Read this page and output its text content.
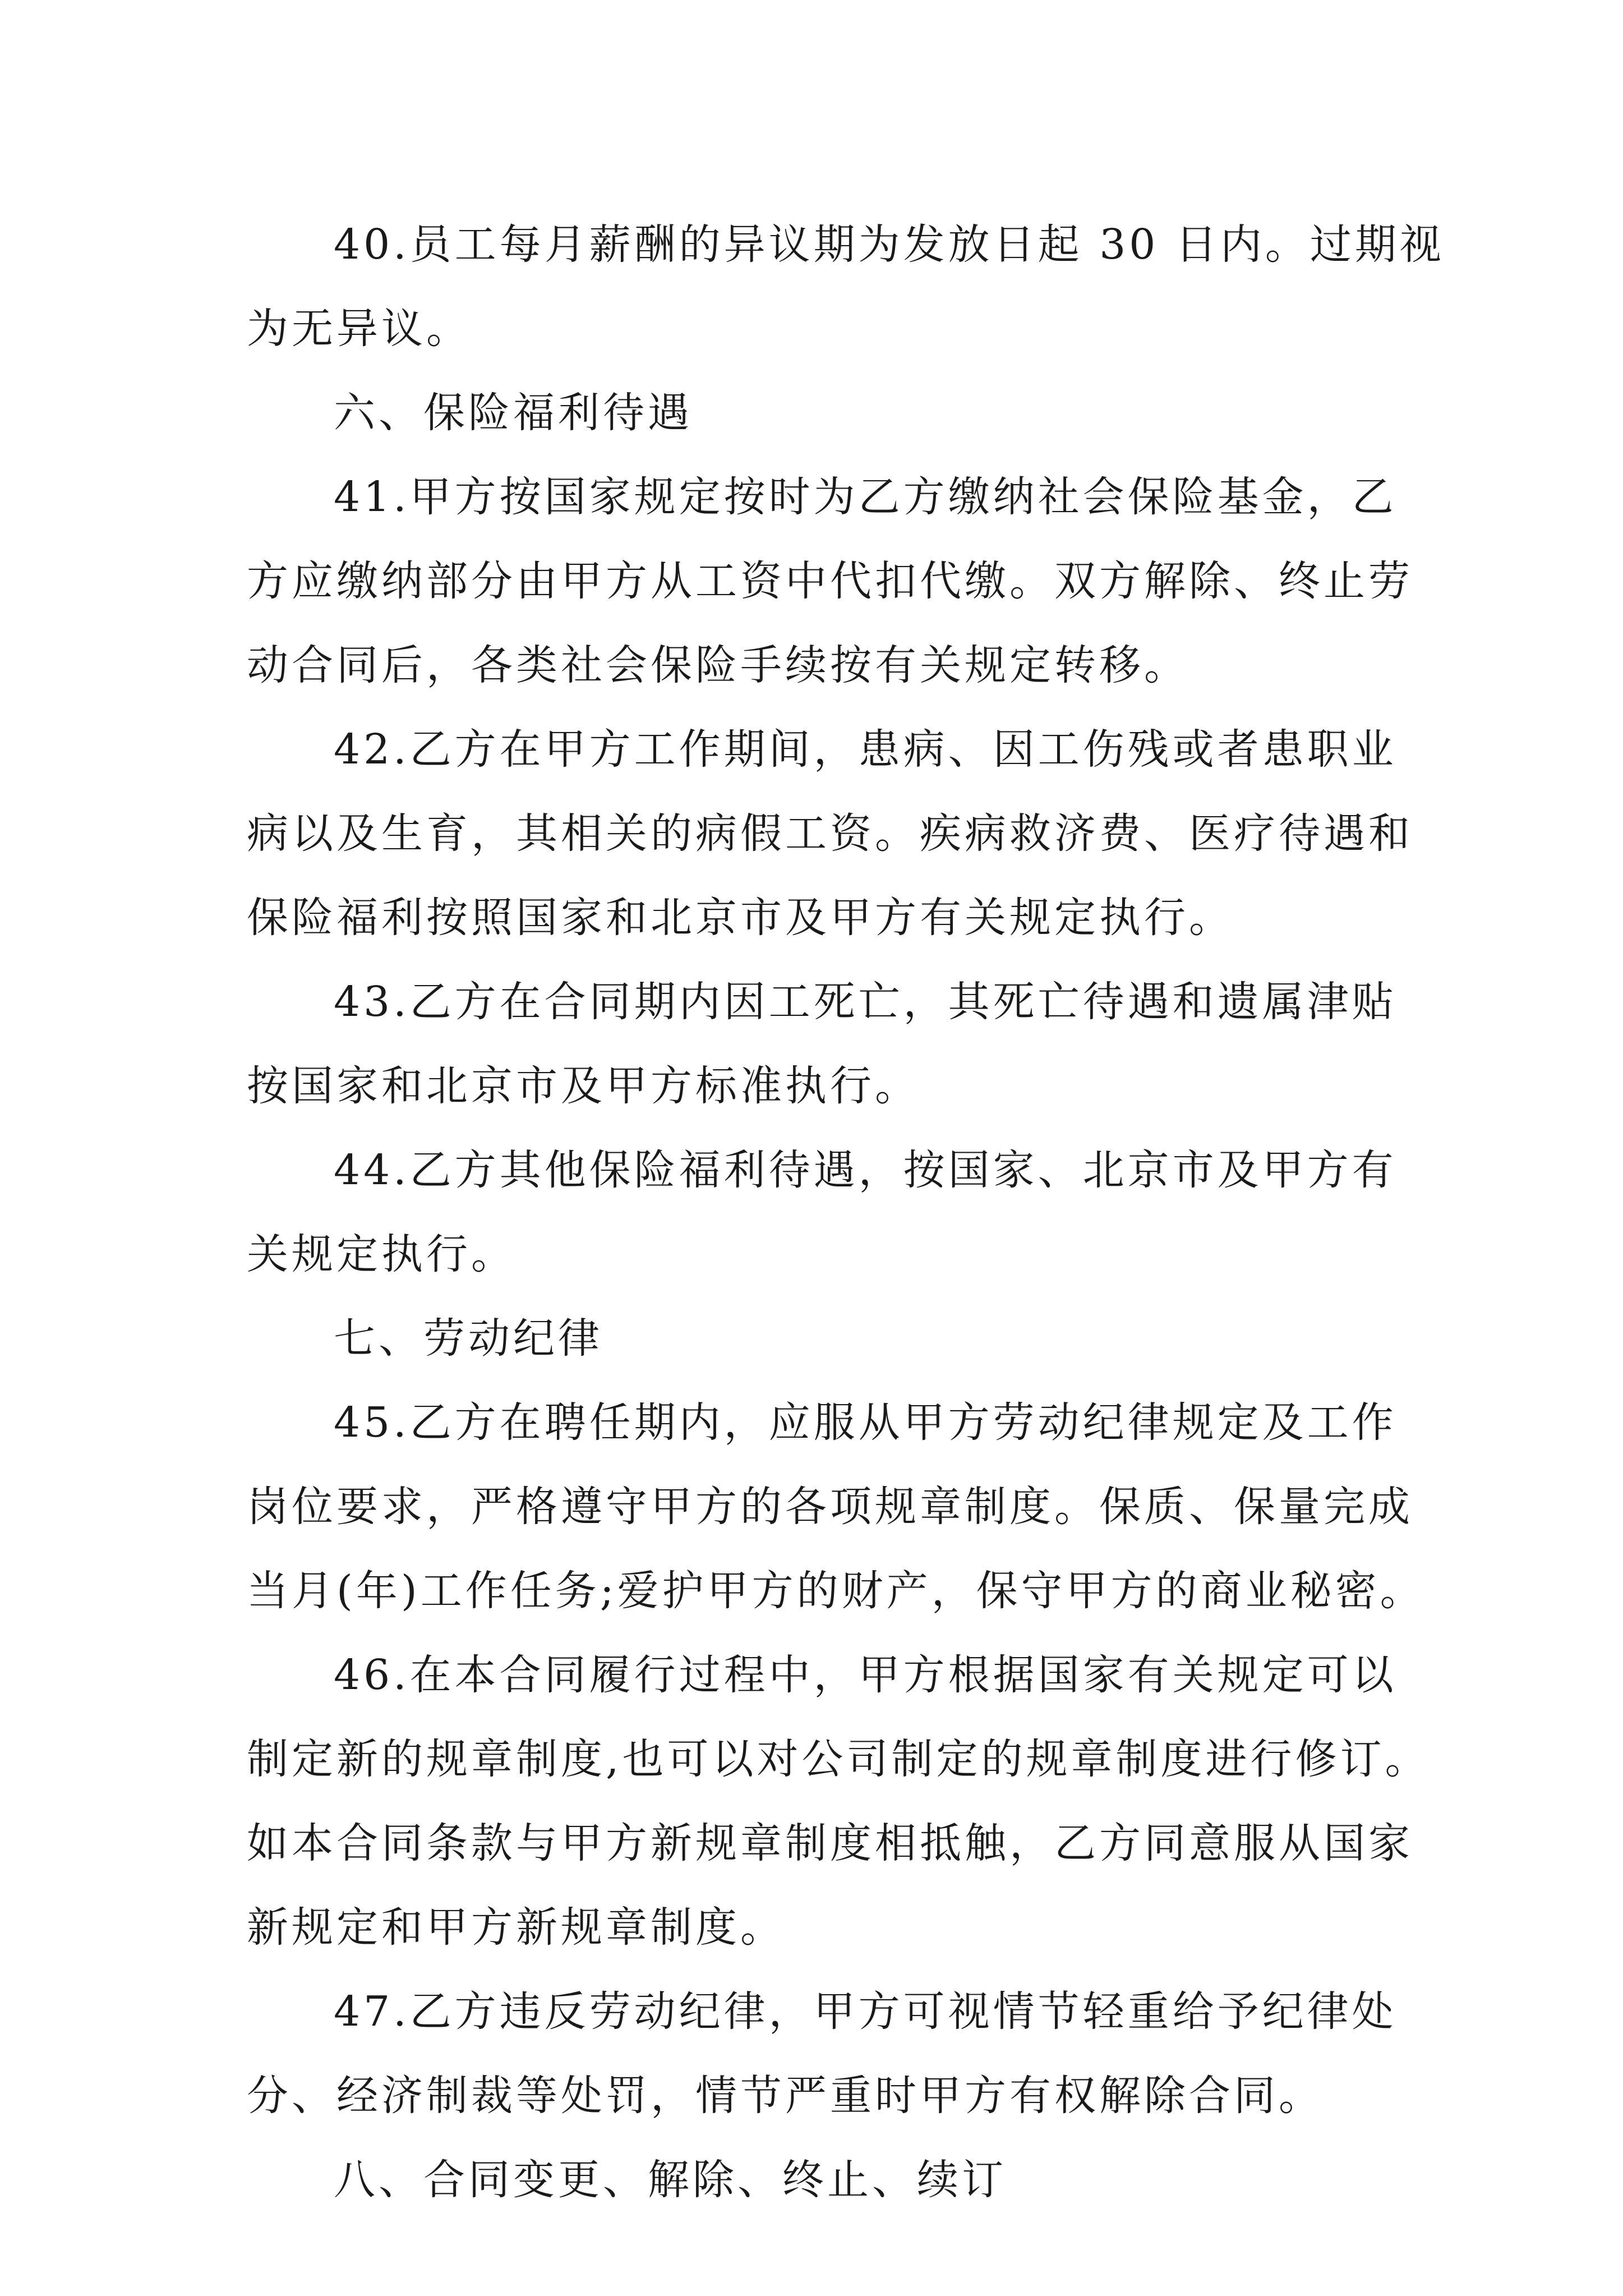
40.员工每月薪酬的异议期为发放日起 30 日内。过期视
为无异议。
六、保险福利待遇
41.甲方按国家规定按时为乙方缴纳社会保险基金，乙
方应缴纳部分由甲方从工资中代扣代缴。双方解除、终止劳
动合同后，各类社会保险手续按有关规定转移。
42.乙方在甲方工作期间，患病、因工伤残或者患职业
病以及生育，其相关的病假工资。疾病救济费、医疗待遇和
保险福利按照国家和北京市及甲方有关规定执行。
43.乙方在合同期内因工死亡，其死亡待遇和遗属津贴
按国家和北京市及甲方标准执行。
44.乙方其他保险福利待遇，按国家、北京市及甲方有
关规定执行。
七、劳动纪律
45.乙方在聘任期内，应服从甲方劳动纪律规定及工作
岗位要求，严格遵守甲方的各项规章制度。保质、保量完成
当月(年)工作任务;爱护甲方的财产，保守甲方的商业秘密。
46.在本合同履行过程中，甲方根据国家有关规定可以
制定新的规章制度,也可以对公司制定的规章制度进行修订。
如本合同条款与甲方新规章制度相抵触，乙方同意服从国家
新规定和甲方新规章制度。
47.乙方违反劳动纪律，甲方可视情节轻重给予纪律处
分、经济制裁等处罚，情节严重时甲方有权解除合同。
八、合同变更、解除、终止、续订
